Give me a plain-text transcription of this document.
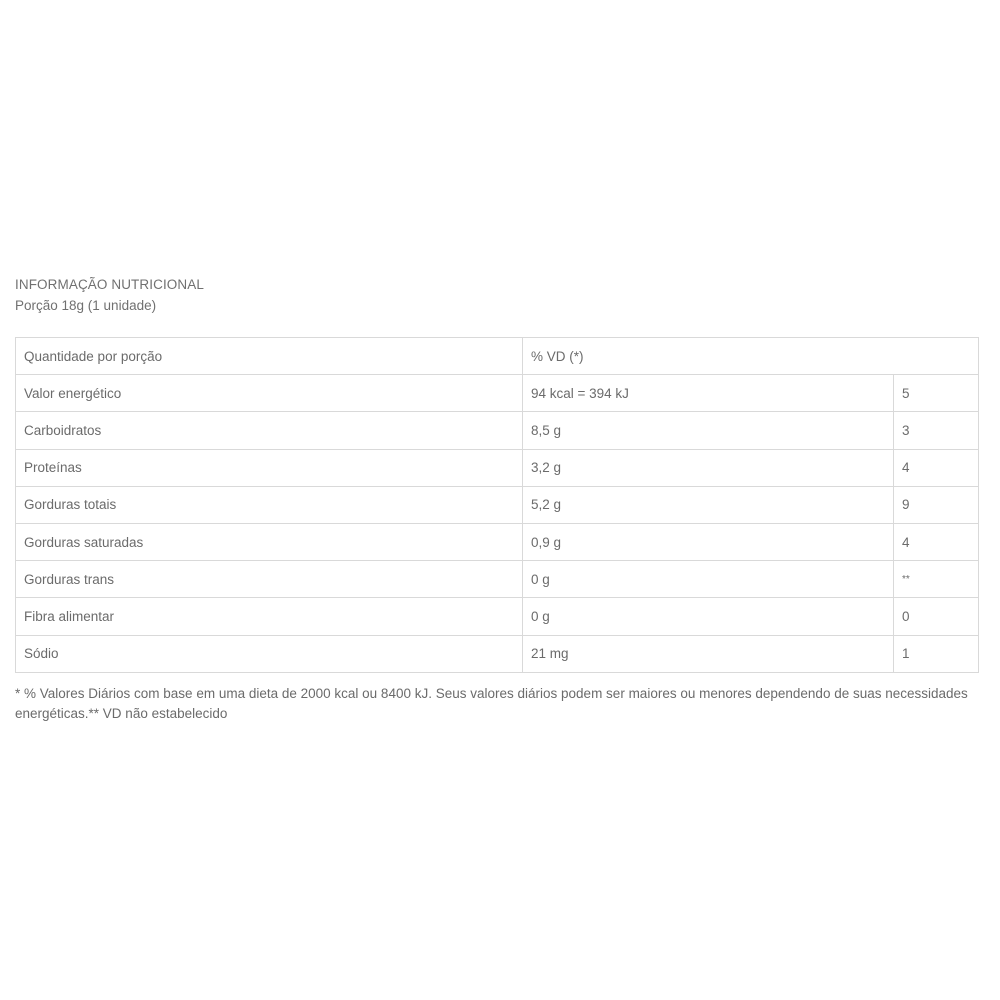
INFORMAÇÃO NUTRICIONAL
Porção 18g (1 unidade)
Quantidade por porção	% VD (*)	
Valor energético	94 kcal = 394 kJ	5
Carboidratos	8,5 g	3
Proteínas	3,2 g	4
Gorduras totais	5,2 g	9
Gorduras saturadas	0,9 g	4
Gorduras trans	0 g	**
Fibra alimentar	0 g	0
Sódio	21 mg	1
* % Valores Diários com base em uma dieta de 2000 kcal ou 8400 kJ. Seus valores diários podem ser maiores ou menores dependendo de suas necessidades energéticas.** VD não estabelecido
